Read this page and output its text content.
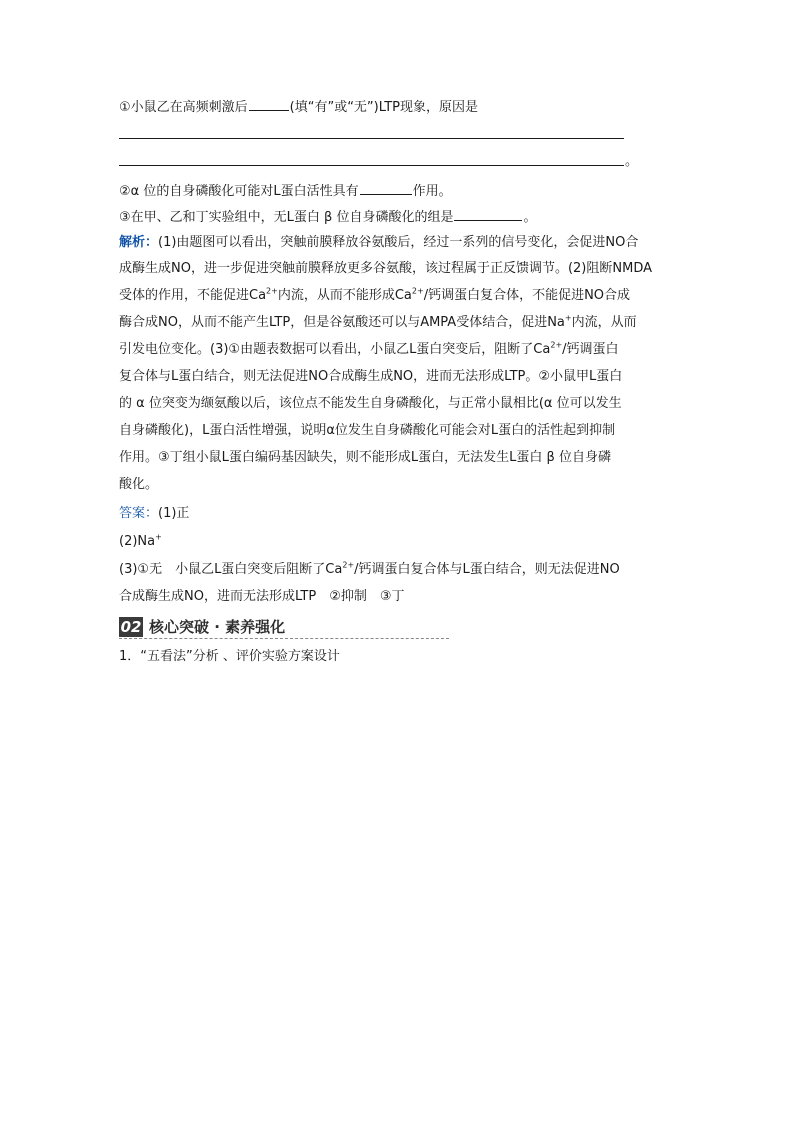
①小鼠乙在高频刺激后	(填“有”或“无”)LTP现象，原因是
。
②α 位的自身磷酸化可能对L蛋白活性具有	作用。
③在甲、乙和丁实验组中，无L蛋白 β 位自身磷酸化的组是	。
解析：(1)由题图可以看出，突触前膜释放谷氨酸后，经过一系列的信号变化，会促进NO合
成酶生成NO，进一步促进突触前膜释放更多谷氨酸，该过程属于正反馈调节。(2)阻断NMDA
受体的作用，不能促进$Ca^{2+}$内流，从而不能形成$Ca^{2+}/$钙调蛋白复合体，不能促进NO合成
酶合成NO，从而不能产生LTP，但是谷氨酸还可以与AMPA受体结合，促进Na+内流，从而
引发电位变化。(3)①由题表数据可以看出，小鼠乙L蛋白突变后，阻断了$Ca^{2+}/$钙调蛋白
复合体与L蛋白结合，则无法促进NO合成酶生成NO，进而无法形成LTP。②小鼠甲L蛋白
的 α 位突变为缬氨酸以后，该位点不能发生自身磷酸化，与正常小鼠相比(α 位可以发生
自身磷酸化)，L蛋白活性增强，说明α位发生自身磷酸化可能会对L蛋白的活性起到抑制
作用。③丁组小鼠L蛋白编码基因缺失，则不能形成L蛋白，无法发生L蛋白 β 位自身磷
酸化。
答案：(1)正
(2)Na+
(3)①无　小鼠乙L蛋白突变后阻断了$Ca^{2+}/$钙调蛋白复合体与L蛋白结合，则无法促进NO
合成酶生成NO，进而无法形成LTP　②抑制　③丁
02 核心突破 · 素养强化
1．“五看法”分析 、评价实验方案设计
